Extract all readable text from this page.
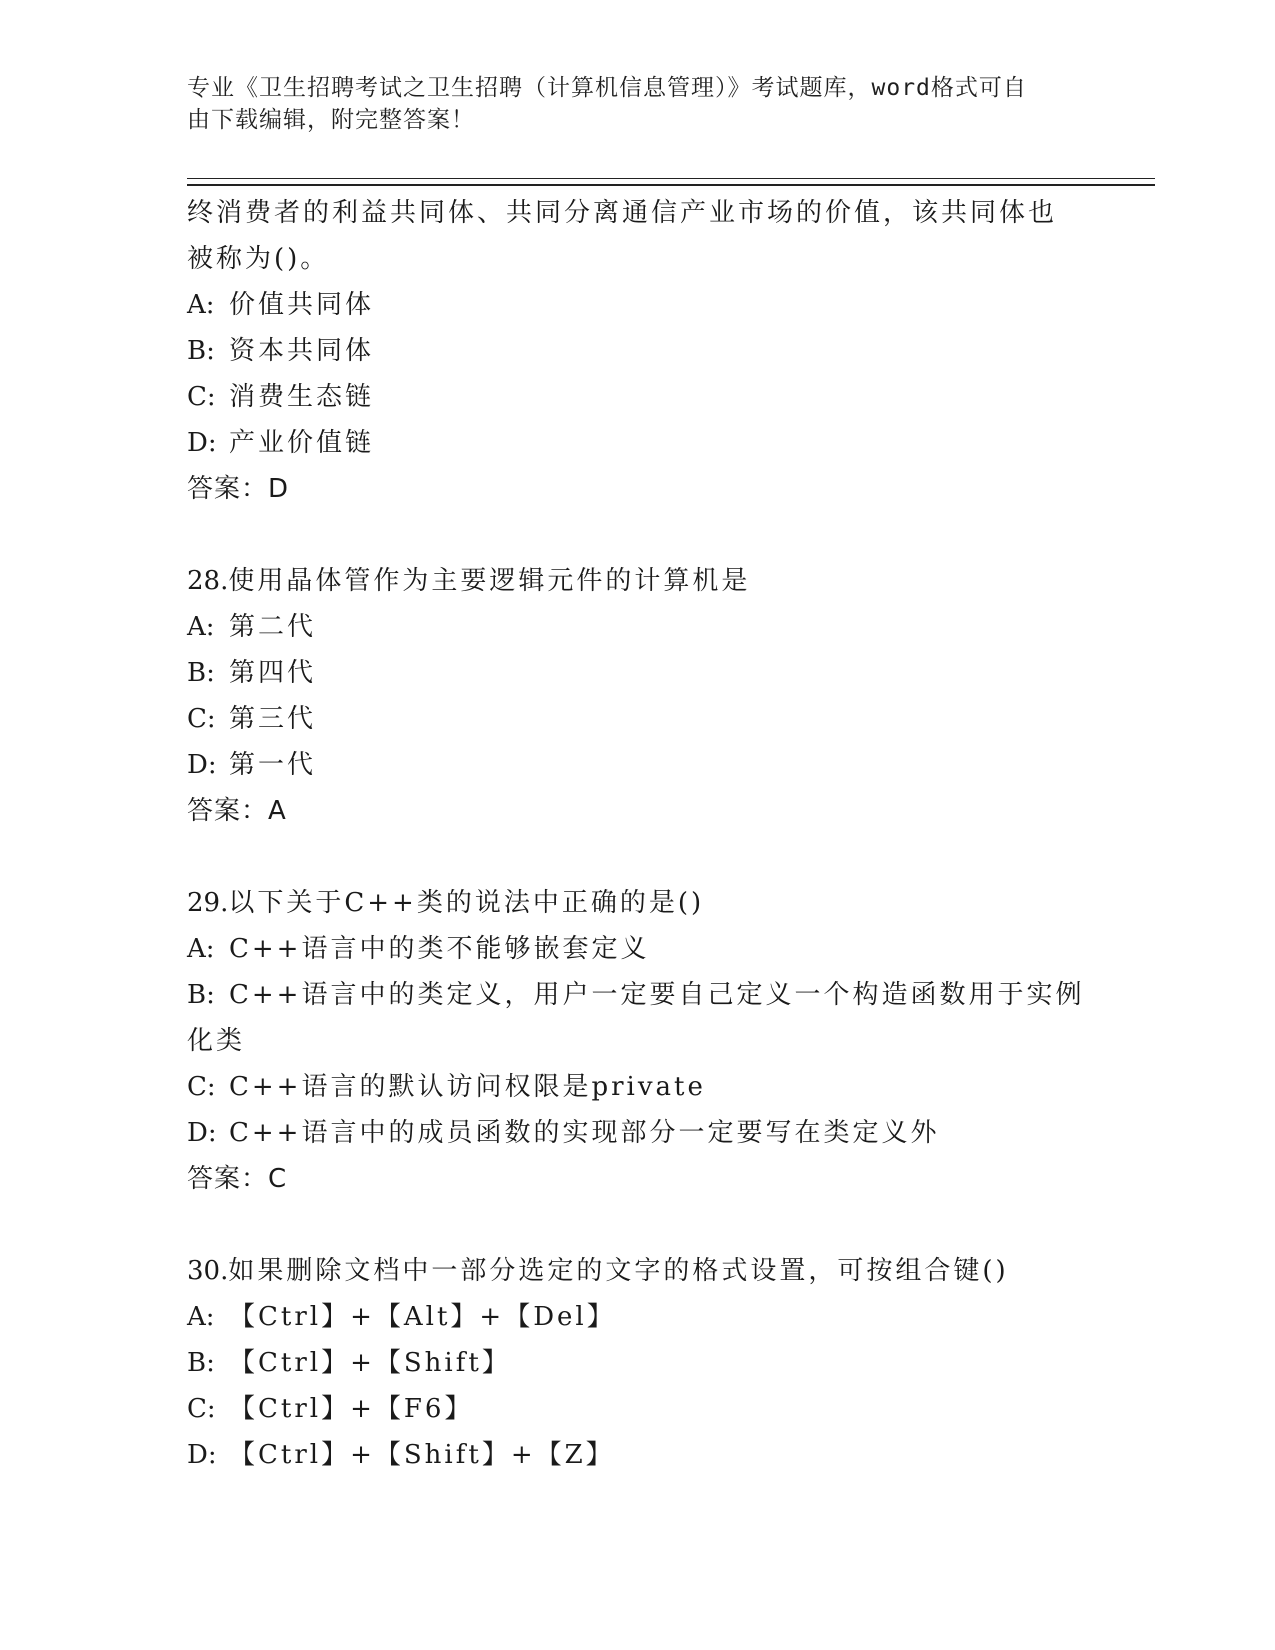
专业《卫生招聘考试之卫生招聘（计算机信息管理）》考试题库，word格式可自
由下载编辑，附完整答案！
终消费者的利益共同体、共同分离通信产业市场的价值，该共同体也
被称为()。
A: 价值共同体
B: 资本共同体
C: 消费生态链
D: 产业价值链
答案：D
28.使用晶体管作为主要逻辑元件的计算机是
A: 第二代
B: 第四代
C: 第三代
D: 第一代
答案：A
29.以下关于C++类的说法中正确的是()
A: C++语言中的类不能够嵌套定义
B: C++语言中的类定义，用户一定要自己定义一个构造函数用于实例
化类
C: C++语言的默认访问权限是private
D: C++语言中的成员函数的实现部分一定要写在类定义外
答案：C
30.如果删除文档中一部分选定的文字的格式设置，可按组合键()
A: 【Ctrl】+【Alt】+【Del】
B: 【Ctrl】+【Shift】
C: 【Ctrl】+【F6】
D: 【Ctrl】+【Shift】+【Z】
